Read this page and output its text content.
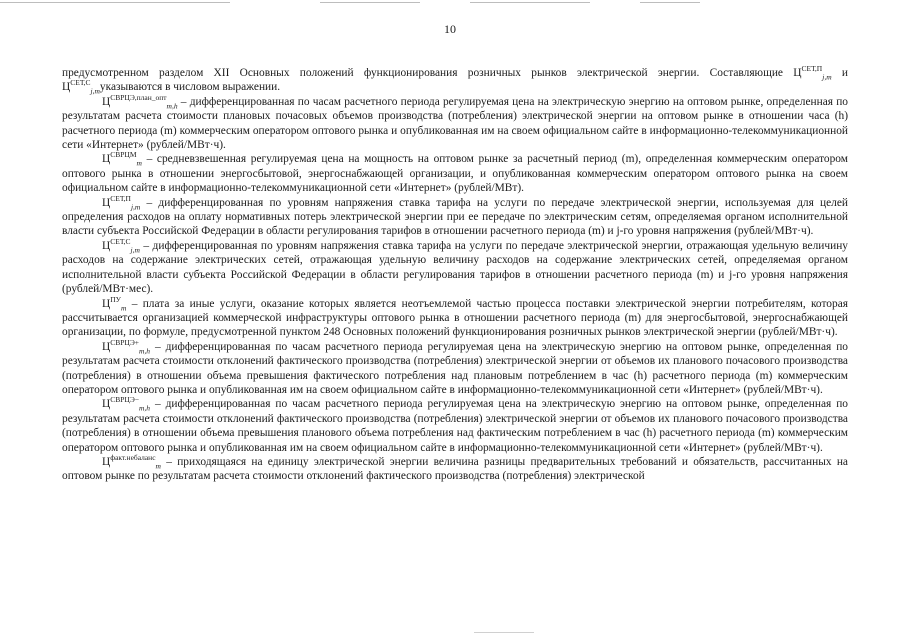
10

предусмотренном разделом XII Основных положений функционирования розничных рынков электрической энергии. Составляющие $Ц^{СЕТ,П}_{j,m}$ и $Ц^{СЕТ,С}_{j,m}указываются$ в числовом выражении.

$Ц^{СВРЦЭ,план\_опт}_{m,h}$ – дифференцированная по часам расчетного периода регулируемая цена на электрическую энергию на оптовом рынке, определенная по результатам расчета стоимости плановых почасовых объемов производства (потребления) электрической энергии на оптовом рынке в отношении часа (h) расчетного периода (m) коммерческим оператором оптового рынка и опубликованная им на своем официальном сайте в информационно-телекоммуникационной сети «Интернет» (рублей/МВт·ч).

$Ц^{СВРЦМ}_m$ – средневзвешенная регулируемая цена на мощность на оптовом рынке за расчетный период (m), определенная коммерческим оператором оптового рынка в отношении энергосбытовой, энергоснабжающей организации, и опубликованная коммерческим оператором оптового рынка на своем официальном сайте в информационно-телекоммуникационной сети «Интернет» (рублей/МВт).

$Ц^{СЕТ,П}_{j,m}$ – дифференцированная по уровням напряжения ставка тарифа на услуги по передаче электрической энергии, используемая для целей определения расходов на оплату нормативных потерь электрической энергии при ее передаче по электрическим сетям, определяемая органом исполнительной власти субъекта Российской Федерации в области регулирования тарифов в отношении расчетного периода (m) и j-го уровня напряжения (рублей/МВт·ч).

$Ц^{СЕТ,С}_{j,m}$ – дифференцированная по уровням напряжения ставка тарифа на услуги по передаче электрической энергии, отражающая удельную величину расходов на содержание электрических сетей, отражающая удельную величину расходов на содержание электрических сетей, определяемая органом исполнительной власти субъекта Российской Федерации в области регулирования тарифов в отношении расчетного периода (m) и j-го уровня напряжения (рублей/МВт·мес).

$Ц^{ПУ}_m$ – плата за иные услуги, оказание которых является неотъемлемой частью процесса поставки электрической энергии потребителям, которая рассчитывается организацией коммерческой инфраструктуры оптового рынка в отношении расчетного периода (m) для энергосбытовой, энергоснабжающей организации, по формуле, предусмотренной пунктом 248 Основных положений функционирования розничных рынков электрической энергии (рублей/МВт·ч).

$Ц^{СВРЦЭ+}_{m,h}$ – дифференцированная по часам расчетного периода регулируемая цена на электрическую энергию на оптовом рынке, определенная по результатам расчета стоимости отклонений фактического производства (потребления) электрической энергии от объемов их планового почасового производства (потребления) в отношении объема превышения фактического потребления над плановым потреблением в час (h) расчетного периода (m) коммерческим оператором оптового рынка и опубликованная им на своем официальном сайте в информационно-телекоммуникационной сети «Интернет» (рублей/МВт·ч).

$Ц^{СВРЦЭ-}_{m,h}$ – дифференцированная по часам расчетного периода регулируемая цена на электрическую энергию на оптовом рынке, определенная по результатам расчета стоимости отклонений фактического производства (потребления) электрической энергии от объемов их планового почасового производства (потребления) в отношении объема превышения планового объема потребления над фактическим потреблением в час (h) расчетного периода (m) коммерческим оператором оптового рынка и опубликованная им на своем официальном сайте в информационно-телекоммуникационной сети «Интернет» (рублей/МВт·ч).

$Ц^{факт.небаланс}_m$ – приходящаяся на единицу электрической энергии величина разницы предварительных требований и обязательств, рассчитанных на оптовом рынке по результатам расчета стоимости отклонений фактического производства (потребления) электрической
